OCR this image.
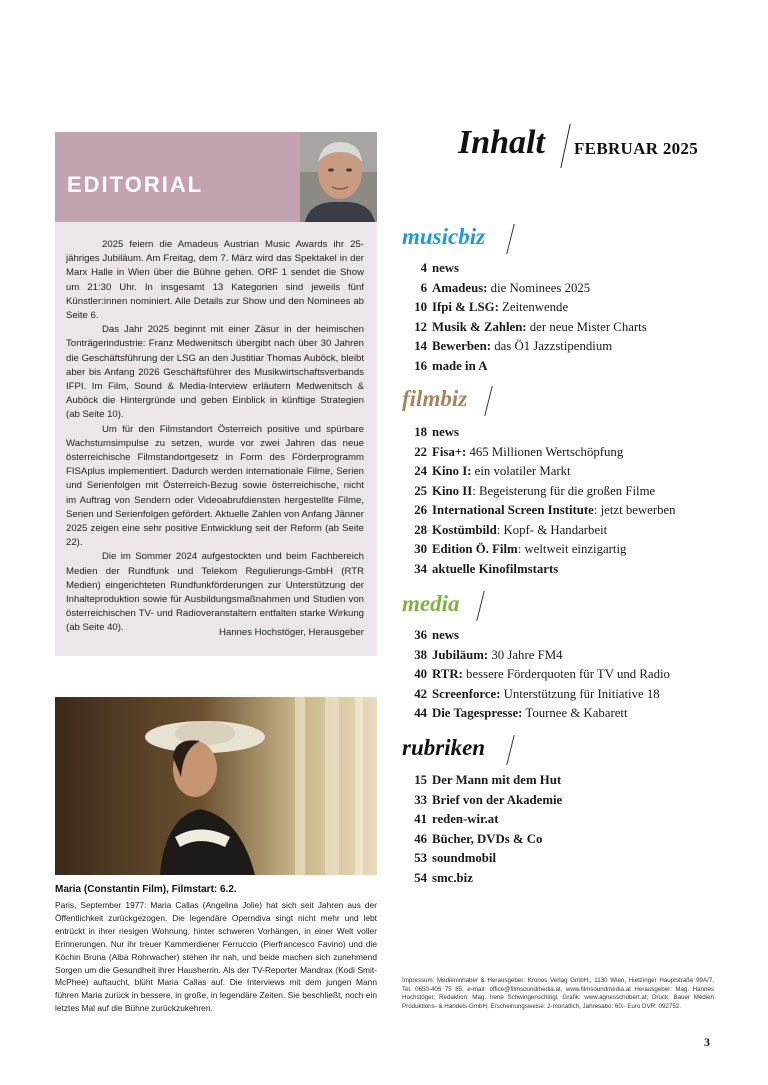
EDITORIAL

2025 feiern die Amadeus Austrian Music Awards ihr 25-jähriges Jubiläum. Am Freitag, dem 7. März wird das Spektakel in der Marx Halle in Wien über die Bühne gehen. ORF 1 sendet die Show um 21:30 Uhr. In insgesamt 13 Kategorien sind jeweils fünf Künstler:innen nominiert. Alle Details zur Show und den Nominees ab Seite 6.

Das Jahr 2025 beginnt mit einer Zäsur in der heimischen Tonträgerindustrie: Franz Medwenitsch übergibt nach über 30 Jahren die Geschäftsführung der LSG an den Justitiar Thomas Auböck, bleibt aber bis Anfang 2026 Geschäftsführer des Musikwirtschaftsverbands IFPI. Im Film, Sound & Media-Interview erläutern Medwenitsch & Auböck die Hintergründe und geben Einblick in künftige Strategien (ab Seite 10).

Um für den Filmstandort Österreich positive und spürbare Wachstumsimpulse zu setzen, wurde vor zwei Jahren das neue österreichische Filmstandortgesetz in Form des Förderprogramm FISAplus implementiert. Dadurch werden internationale Filme, Serien und Serienfolgen mit Österreich-Bezug sowie österreichische, nicht im Auftrag von Sendern oder Videoabrufdiensten hergestellte Filme, Serien und Serienfolgen gefördert. Aktuelle Zahlen von Anfang Jänner 2025 zeigen eine sehr positive Entwicklung seit der Reform (ab Seite 22).

Die im Sommer 2024 aufgestockten und beim Fachbereich Medien der Rundfunk und Telekom Regulierungs-GmbH (RTR Medien) eingerichteten Rundfunkförderungen zur Unterstützung der Inhalteproduktion sowie für Ausbildungsmaßnahmen und Studien von österreichischen TV- und Radioveranstaltern entfalten starke Wirkung (ab Seite 40).	Hannes Hochstöger, Herausgeber
Maria (Constantin Film), Filmstart: 6.2.
Paris, September 1977: Maria Callas (Angelina Jolie) hat sich seit Jahren aus der Öffentlichkeit zurückgezogen. Die legendäre Operndiva singt nicht mehr und lebt entrückt in ihrer riesigen Wohnung, hinter schweren Vorhängen, in einer Welt voller Erinnerungen. Nur ihr treuer Kammerdiener Ferruccio (Pierfrancesco Favino) und die Köchin Bruna (Alba Rohrwacher) stehen ihr nah, und beide machen sich zunehmend Sorgen um die Gesundheit ihrer Hausherrin. Als der TV-Reporter Mandrax (Kodi Smit-McPhee) auftaucht, blüht Maria Callas auf. Die Interviews mit dem jungen Mann führen Maria zurück in bessere, in große, in legendäre Zeiten. Sie beschließt, noch ein letztes Mal auf die Bühne zurückzukehren.
Inhalt FEBRUAR 2025
musicbiz
4 news
6 Amadeus: die Nominees 2025
10 Ifpi & LSG: Zeitenwende
12 Musik & Zahlen: der neue Mister Charts
14 Bewerben: das Ö1 Jazzstipendium
16 made in A
filmbiz
18 news
22 Fisa+: 465 Millionen Wertschöpfung
24 Kino I: ein volatiler Markt
25 Kino II: Begeisterung für die großen Filme
26 International Screen Institute: jetzt bewerben
28 Kostümbild: Kopf- & Handarbeit
30 Edition Ö. Film: weltweit einzigartig
34 aktuelle Kinofilmstarts
media
36 news
38 Jubiläum: 30 Jahre FM4
40 RTR: bessere Förderquoten für TV und Radio
42 Screenforce: Unterstützung für Initiative 18
44 Die Tagespresse: Tournee & Kabarett
rubriken
15 Der Mann mit dem Hut
33 Brief von der Akademie
41 reden-wir.at
46 Bücher, DVDs & Co
53 soundmobil
54 smc.biz
Impressum: Medieninhaber & Herausgeber: Kronos Verlag GmbH., 1130 Wien, Hietzinger Hauptstraße 99A/7, Tel. 0650-406 75 85, e-mail: office@filmsoundmedia.at, www.filmsoundmedia.at Herausgeber: Mag. Hannes Hochstöger; Redaktion: Mag. Irene Schwingenschlögl, Grafik: www.agnesschubert.at; Druck: Bauer Medien Produktions- & Handels-GmbH, Erscheinungsweise: 2-monatlich, Jahresabo: 60.- Euro DVR: 092752.
3
